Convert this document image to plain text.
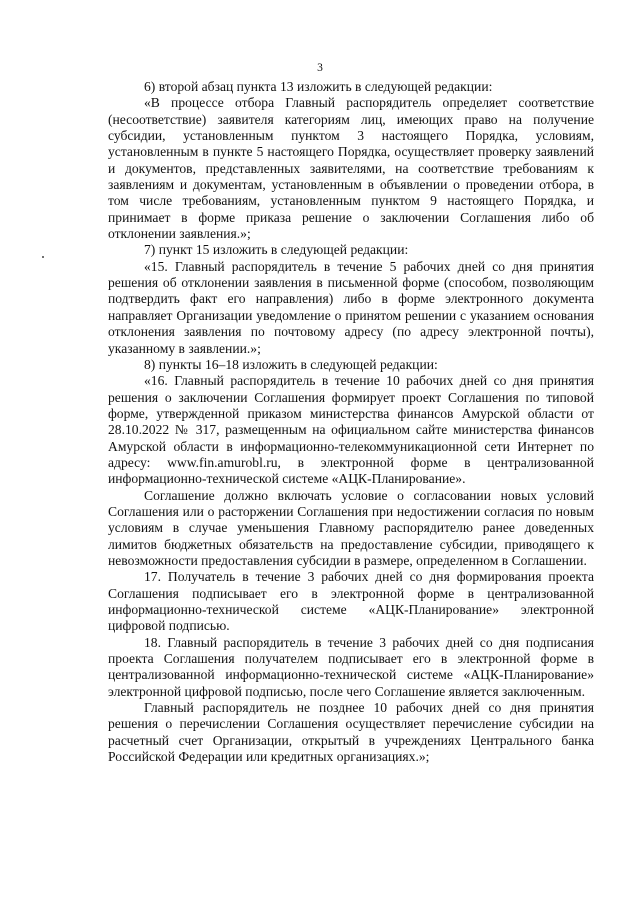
3

6) второй абзац пункта 13 изложить в следующей редакции:

«В процессе отбора Главный распорядитель определяет соответствие (несоответствие) заявителя категориям лиц, имеющих право на получение субсидии, установленным пунктом 3 настоящего Порядка, условиям, установленным в пункте 5 настоящего Порядка, осуществляет проверку заявлений и документов, представленных заявителями, на соответствие требованиям к заявлениям и документам, установленным в объявлении о проведении отбора, в том числе требованиям, установленным пунктом 9 настоящего Порядка, и принимает в форме приказа решение о заключении Соглашения либо об отклонении заявления.»;

7) пункт 15 изложить в следующей редакции:

«15. Главный распорядитель в течение 5 рабочих дней со дня принятия решения об отклонении заявления в письменной форме (способом, позволяющим подтвердить факт его направления) либо в форме электронного документа направляет Организации уведомление о принятом решении с указанием основания отклонения заявления по почтовому адресу (по адресу электронной почты), указанному в заявлении.»;

8) пункты 16–18 изложить в следующей редакции:

«16. Главный распорядитель в течение 10 рабочих дней со дня принятия решения о заключении Соглашения формирует проект Соглашения по типовой форме, утвержденной приказом министерства финансов Амурской области от 28.10.2022 № 317, размещенным на официальном сайте министерства финансов Амурской области в информационно-телекоммуникационной сети Интернет по адресу: www.fin.amurobl.ru, в электронной форме в централизованной информационно-технической системе «АЦК-Планирование».

Соглашение должно включать условие о согласовании новых условий Соглашения или о расторжении Соглашения при недостижении согласия по новым условиям в случае уменьшения Главному распорядителю ранее доведенных лимитов бюджетных обязательств на предоставление субсидии, приводящего к невозможности предоставления субсидии в размере, определенном в Соглашении.

17. Получатель в течение 3 рабочих дней со дня формирования проекта Соглашения подписывает его в электронной форме в централизованной информационно-технической системе «АЦК-Планирование» электронной цифровой подписью.

18. Главный распорядитель в течение 3 рабочих дней со дня подписания проекта Соглашения получателем подписывает его в электронной форме в централизованной информационно-технической системе «АЦК-Планирование» электронной цифровой подписью, после чего Соглашение является заключенным.

Главный распорядитель не позднее 10 рабочих дней со дня принятия решения о перечислении Соглашения осуществляет перечисление субсидии на расчетный счет Организации, открытый в учреждениях Центрального банка Российской Федерации или кредитных организациях.»;
